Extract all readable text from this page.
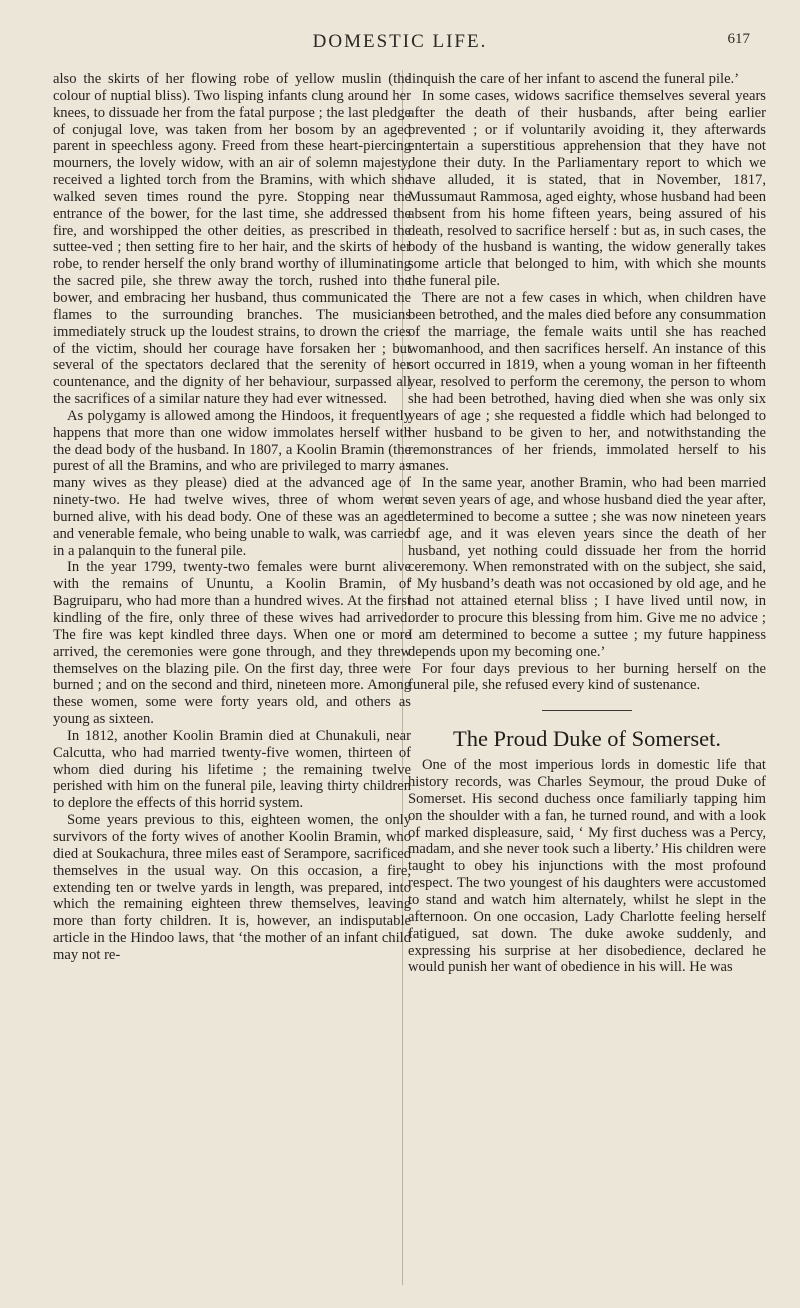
DOMESTIC LIFE.	617

also the skirts of her flowing robe of yellow muslin (the colour of nuptial bliss). Two lisping infants clung around her knees, to dissuade her from the fatal purpose ; the last pledge of conjugal love, was taken from her bosom by an aged parent in speechless agony. Freed from these heart-piercing mourners, the lovely widow, with an air of solemn majesty, received a lighted torch from the Bramins, with which she walked seven times round the pyre. Stopping near the entrance of the bower, for the last time, she addressed the fire, and worshipped the other deities, as prescribed in the suttee-ved ; then setting fire to her hair, and the skirts of her robe, to render herself the only brand worthy of illuminating the sacred pile, she threw away the torch, rushed into the bower, and embracing her husband, thus communicated the flames to the surrounding branches. The musicians immediately struck up the loudest strains, to drown the cries of the victim, should her courage have forsaken her ; but several of the spectators declared that the serenity of her countenance, and the dignity of her behaviour, surpassed all the sacrifices of a similar nature they had ever witnessed.

As polygamy is allowed among the Hindoos, it frequently happens that more than one widow immolates herself with the dead body of the husband. In 1807, a Koolin Bramin (the purest of all the Bramins, and who are privileged to marry as many wives as they please) died at the advanced age of ninety-two. He had twelve wives, three of whom were burned alive, with his dead body. One of these was an aged and venerable female, who being unable to walk, was carried in a palanquin to the funeral pile.

In the year 1799, twenty-two females were burnt alive with the remains of Ununtu, a Koolin Bramin, of Bagruiparu, who had more than a hundred wives. At the first kindling of the fire, only three of these wives had arrived. The fire was kept kindled three days. When one or more arrived, the ceremonies were gone through, and they threw themselves on the blazing pile. On the first day, three were burned ; and on the second and third, nineteen more. Among these women, some were forty years old, and others as young as sixteen.

In 1812, another Koolin Bramin died at Chunakuli, near Calcutta, who had married twenty-five women, thirteen of whom died during his lifetime ; the remaining twelve perished with him on the funeral pile, leaving thirty children to deplore the effects of this horrid system.

Some years previous to this, eighteen women, the only survivors of the forty wives of another Koolin Bramin, who died at Soukachura, three miles east of Serampore, sacrificed themselves in the usual way. On this occasion, a fire, extending ten or twelve yards in length, was prepared, into which the remaining eighteen threw themselves, leaving more than forty children. It is, however, an indisputable article in the Hindoo laws, that ‘the mother of an infant child may not re-

linquish the care of her infant to ascend the funeral pile.’

In some cases, widows sacrifice themselves several years after the death of their husbands, after being earlier prevented ; or if voluntarily avoiding it, they afterwards entertain a superstitious apprehension that they have not done their duty. In the Parliamentary report to which we have alluded, it is stated, that in November, 1817, Mussumaut Rammosa, aged eighty, whose husband had been absent from his home fifteen years, being assured of his death, resolved to sacrifice herself : but as, in such cases, the body of the husband is wanting, the widow generally takes some article that belonged to him, with which she mounts the funeral pile.

There are not a few cases in which, when children have been betrothed, and the males died before any consummation of the marriage, the female waits until she has reached womanhood, and then sacrifices herself. An instance of this sort occurred in 1819, when a young woman in her fifteenth year, resolved to perform the ceremony, the person to whom she had been betrothed, having died when she was only six years of age ; she requested a fiddle which had belonged to her husband to be given to her, and notwithstanding the remonstrances of her friends, immolated herself to his manes.

In the same year, another Bramin, who had been married at seven years of age, and whose husband died the year after, determined to become a suttee ; she was now nineteen years of age, and it was eleven years since the death of her husband, yet nothing could dissuade her from the horrid ceremony. When remonstrated with on the subject, she said, ‘ My husband’s death was not occasioned by old age, and he had not attained eternal bliss ; I have lived until now, in order to procure this blessing from him. Give me no advice ; I am determined to become a suttee ; my future happiness depends upon my becoming one.’

For four days previous to her burning herself on the funeral pile, she refused every kind of sustenance.

The Proud Duke of Somerset.

One of the most imperious lords in domestic life that history records, was Charles Seymour, the proud Duke of Somerset. His second duchess once familiarly tapping him on the shoulder with a fan, he turned round, and with a look of marked displeasure, said, ‘ My first duchess was a Percy, madam, and she never took such a liberty.’ His children were taught to obey his injunctions with the most profound respect. The two youngest of his daughters were accustomed to stand and watch him alternately, whilst he slept in the afternoon. On one occasion, Lady Charlotte feeling herself fatigued, sat down. The duke awoke suddenly, and expressing his surprise at her disobedience, declared he would punish her want of obedience in his will. He was
